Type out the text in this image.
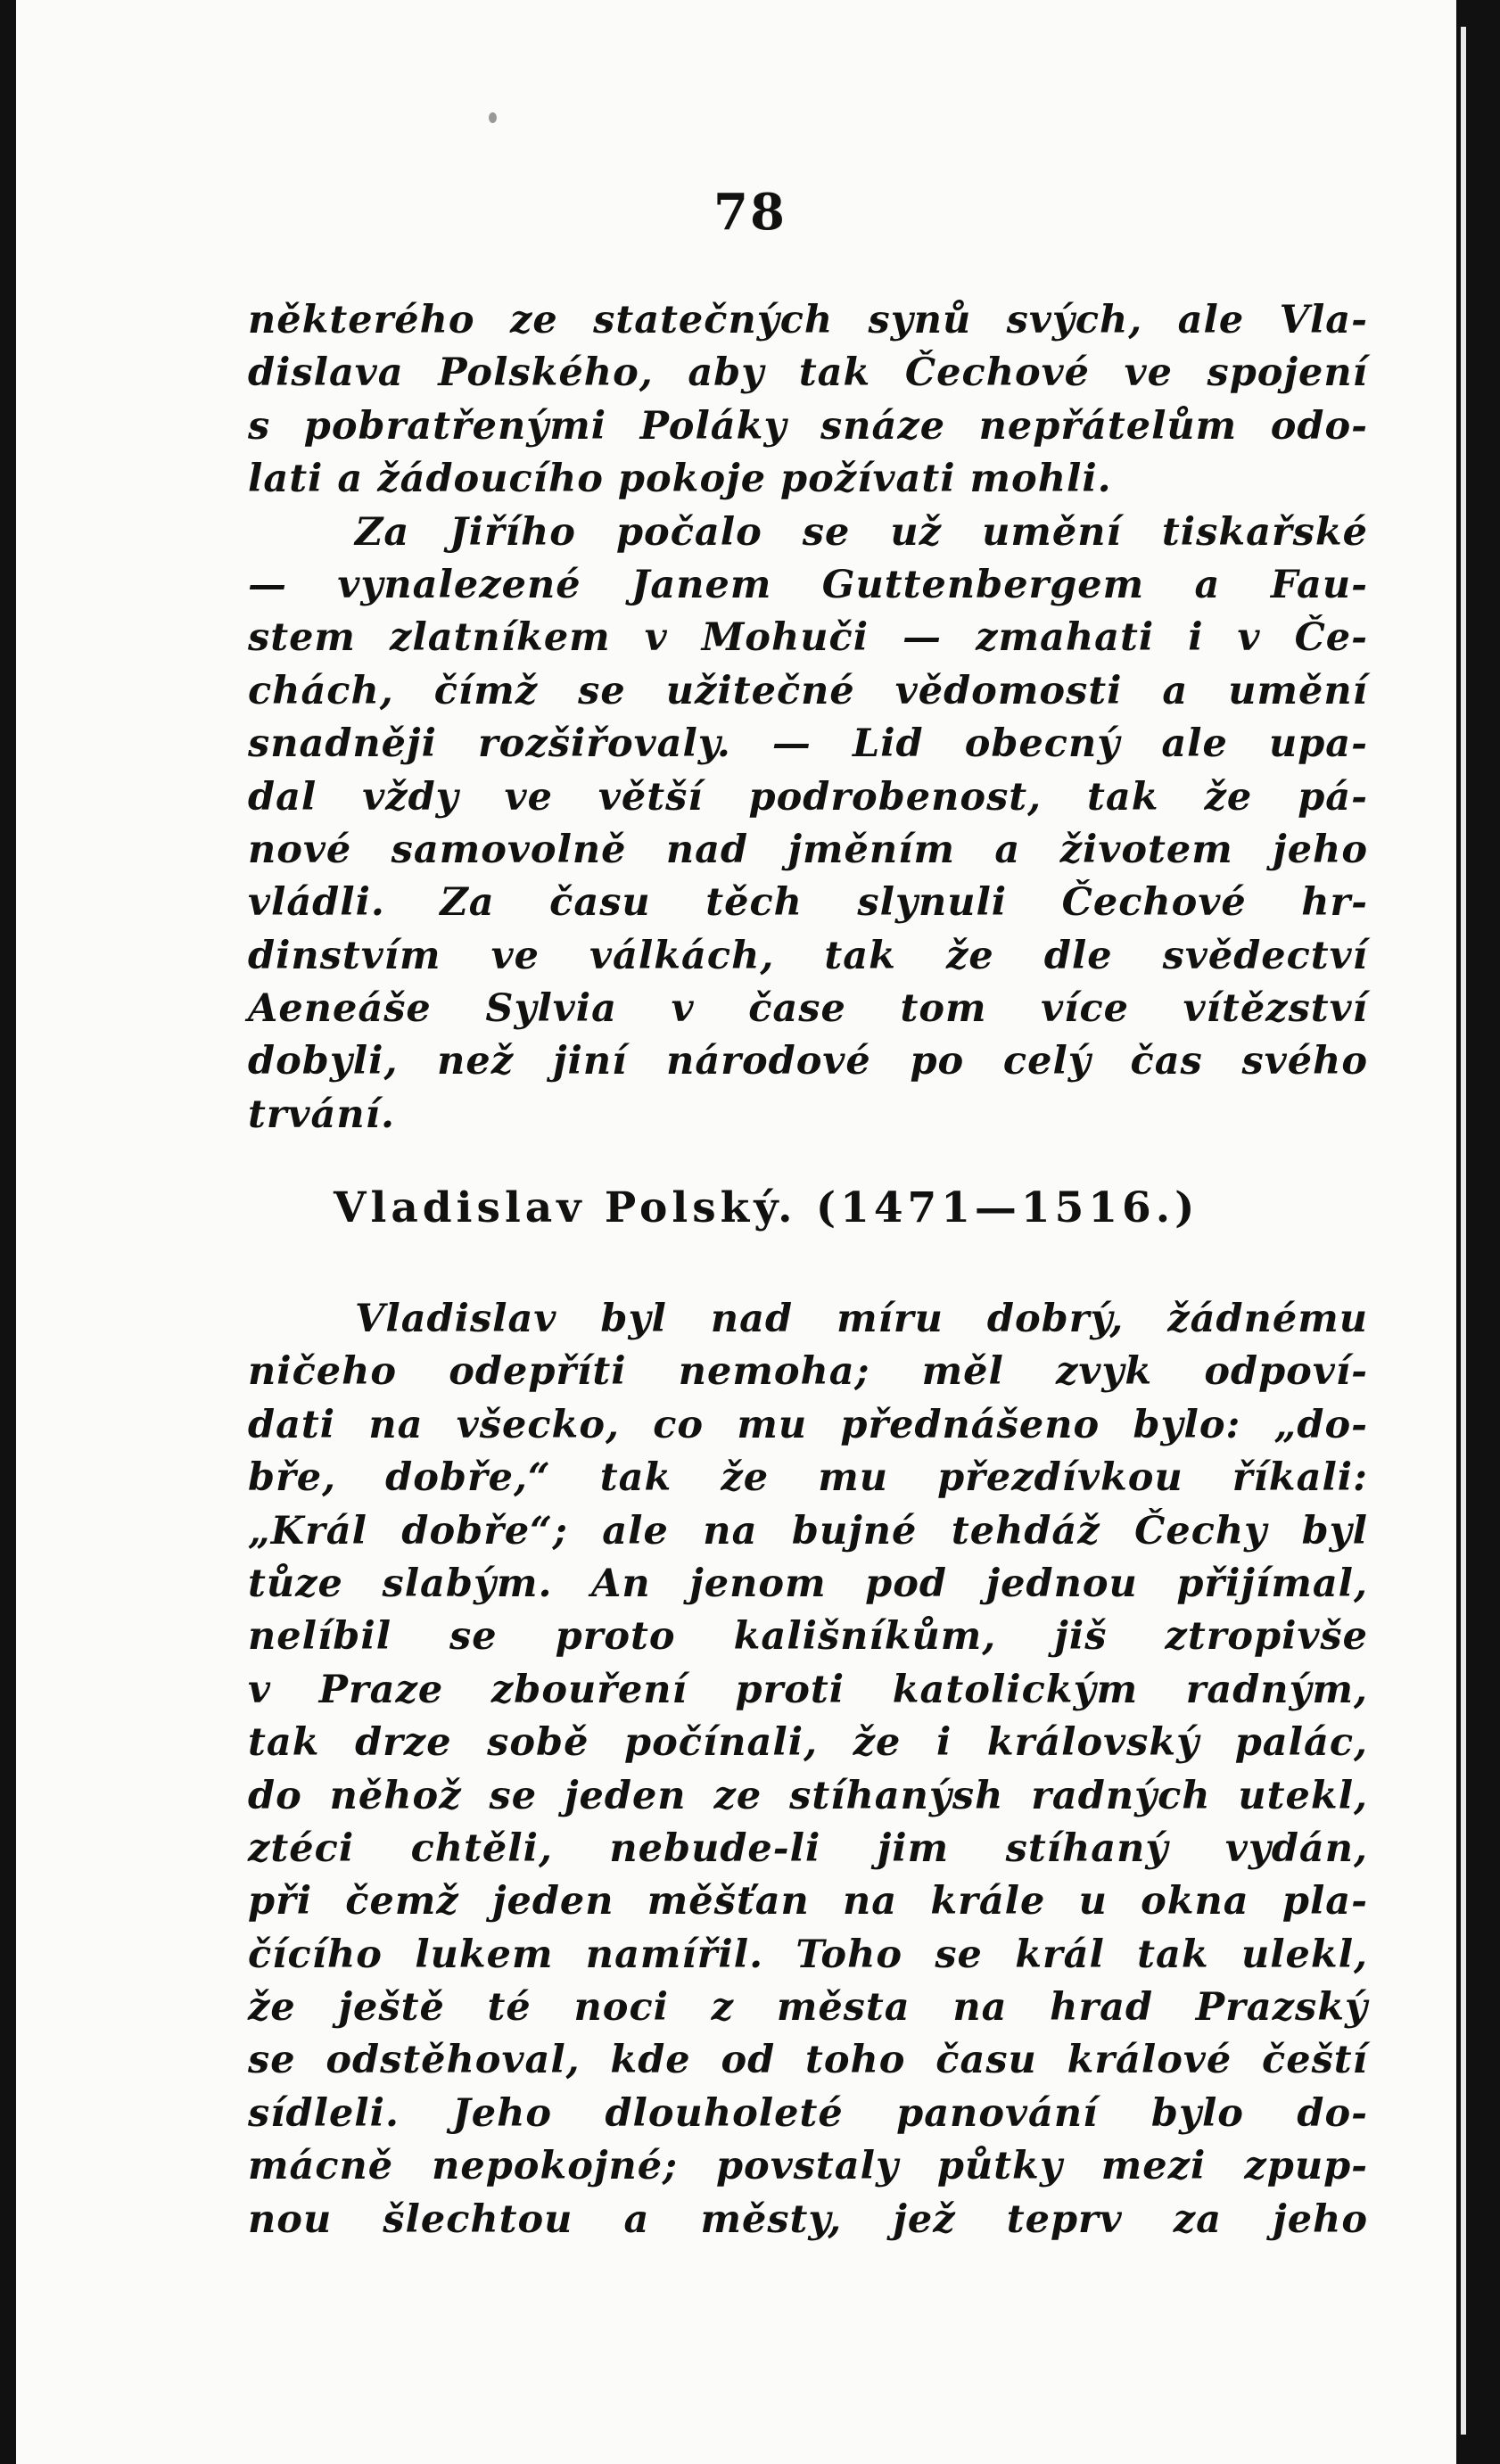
78
některého ze statečných synů svých, ale Vla-
dislava Polského, aby tak Čechové ve spojení
s pobratřenými Poláky snáze nepřátelům odo-
lati a žádoucího pokoje požívati mohli.
Za Jiřího počalo se už umění tiskařské
— vynalezené Janem Guttenbergem a Fau-
stem zlatníkem v Mohuči — zmahati i v Če-
chách, čímž se užitečné vědomosti a umění
snadněji rozšiřovaly. — Lid obecný ale upa-
dal vždy ve větší podrobenost, tak že pá-
nové samovolně nad jměním a životem jeho
vládli. Za času těch slynuli Čechové hr-
dinstvím ve válkách, tak že dle svědectví
Aeneáše Sylvia v čase tom více vítězství
dobyli, než jiní národové po celý čas svého
trvání.
Vladislav Polský. (1471—1516.)
Vladislav byl nad míru dobrý, žádnému
ničeho odepříti nemoha; měl zvyk odpoví-
dati na všecko, co mu přednášeno bylo: „do-
bře, dobře,“ tak že mu přezdívkou říkali:
„Král dobře“; ale na bujné tehdáž Čechy byl
tůze slabým. An jenom pod jednou přijímal,
nelíbil se proto kališníkům, jiš ztropivše
v Praze zbouření proti katolickým radným,
tak drze sobě počínali, že i královský palác,
do něhož se jeden ze stíhanýsh radných utekl,
ztéci chtěli, nebude-li jim stíhaný vydán,
při čemž jeden měšťan na krále u okna pla-
čícího lukem namířil. Toho se král tak ulekl,
že ještě té noci z města na hrad Prazský
se odstěhoval, kde od toho času králové čeští
sídleli. Jeho dlouholeté panování bylo do-
mácně nepokojné; povstaly půtky mezi zpup-
nou šlechtou a městy, jež teprv za jeho
